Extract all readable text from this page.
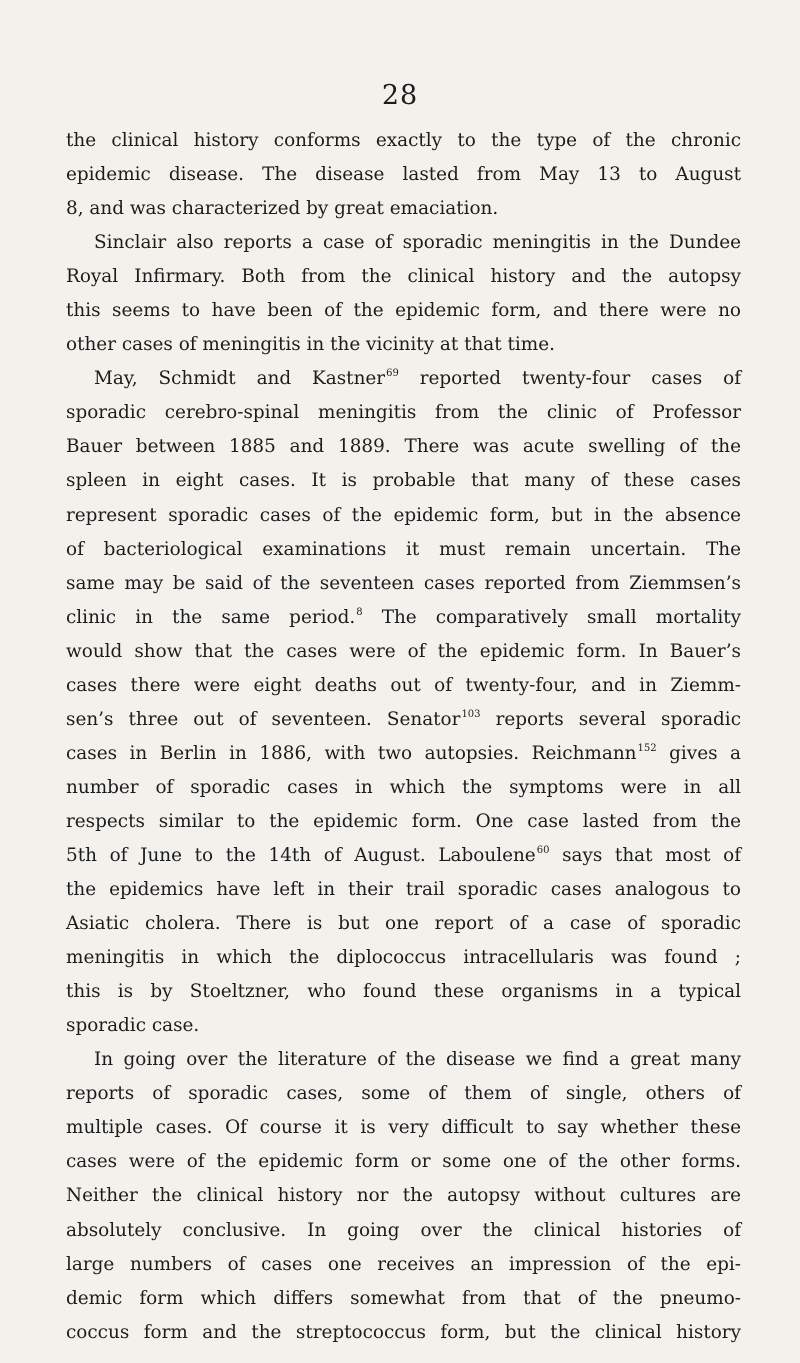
28
the clinical history conforms exactly to the type of the chronic
epidemic disease. The disease lasted from May 13 to August
8, and was characterized by great emaciation.
Sinclair also reports a case of sporadic meningitis in the Dundee
Royal Infirmary. Both from the clinical history and the autopsy
this seems to have been of the epidemic form, and there were no
other cases of meningitis in the vicinity at that time.
May, Schmidt and Kastner$^{69}$ reported twenty-four cases of
sporadic cerebro-spinal meningitis from the clinic of Professor
Bauer between 1885 and 1889. There was acute swelling of the
spleen in eight cases. It is probable that many of these cases
represent sporadic cases of the epidemic form, but in the absence
of bacteriological examinations it must remain uncertain. The
same may be said of the seventeen cases reported from Ziemmsen’s
clinic in the same period.$^8$ The comparatively small mortality
would show that the cases were of the epidemic form. In Bauer’s
cases there were eight deaths out of twenty-four, and in Ziemm-
sen’s three out of seventeen. Senator$^{103}$ reports several sporadic
cases in Berlin in 1886, with two autopsies. Reichmann$^{152}$ gives a
number of sporadic cases in which the symptoms were in all
respects similar to the epidemic form. One case lasted from the
5th of June to the 14th of August. Laboulene$^{60}$ says that most of
the epidemics have left in their trail sporadic cases analogous to
Asiatic cholera. There is but one report of a case of sporadic
meningitis in which the diplococcus intracellularis was found ;
this is by Stoeltzner, who found these organisms in a typical
sporadic case.
In going over the literature of the disease we find a great many
reports of sporadic cases, some of them of single, others of
multiple cases. Of course it is very difficult to say whether these
cases were of the epidemic form or some one of the other forms.
Neither the clinical history nor the autopsy without cultures are
absolutely conclusive. In going over the clinical histories of
large numbers of cases one receives an impression of the epi-
demic form which differs somewhat from that of the pneumo-
coccus form and the streptococcus form, but the clinical history
